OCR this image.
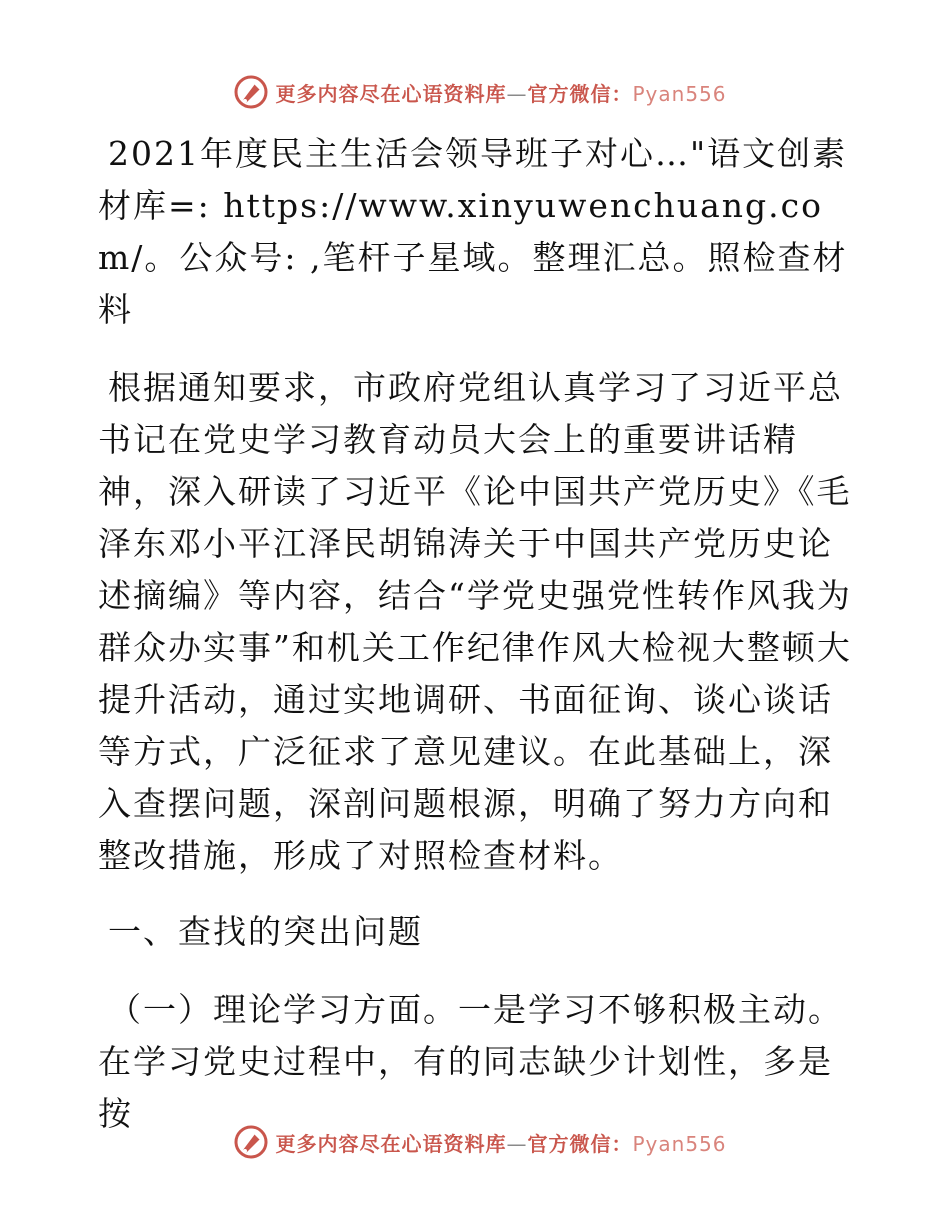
更多内容尽在心语资料库—官方微信：Pyan556

2021年度民主生活会领导班子对心…"语文创素材库=: https://www.xinyuwenchuang.com/。公众号: ,笔杆子星域。整理汇总。照检查材料

根据通知要求，市政府党组认真学习了习近平总书记在党史学习教育动员大会上的重要讲话精神，深入研读了习近平《论中国共产党历史》《毛泽东邓小平江泽民胡锦涛关于中国共产党历史论述摘编》等内容，结合“学党史强党性转作风我为群众办实事”和机关工作纪律作风大检视大整顿大提升活动，通过实地调研、书面征询、谈心谈话等方式，广泛征求了意见建议。在此基础上，深入查摆问题，深剖问题根源，明确了努力方向和整改措施，形成了对照检查材料。

一、查找的突出问题

（一）理论学习方面。一是学习不够积极主动。在学习党史过程中，有的同志缺少计划性，多是按

更多内容尽在心语资料库—官方微信：Pyan556
